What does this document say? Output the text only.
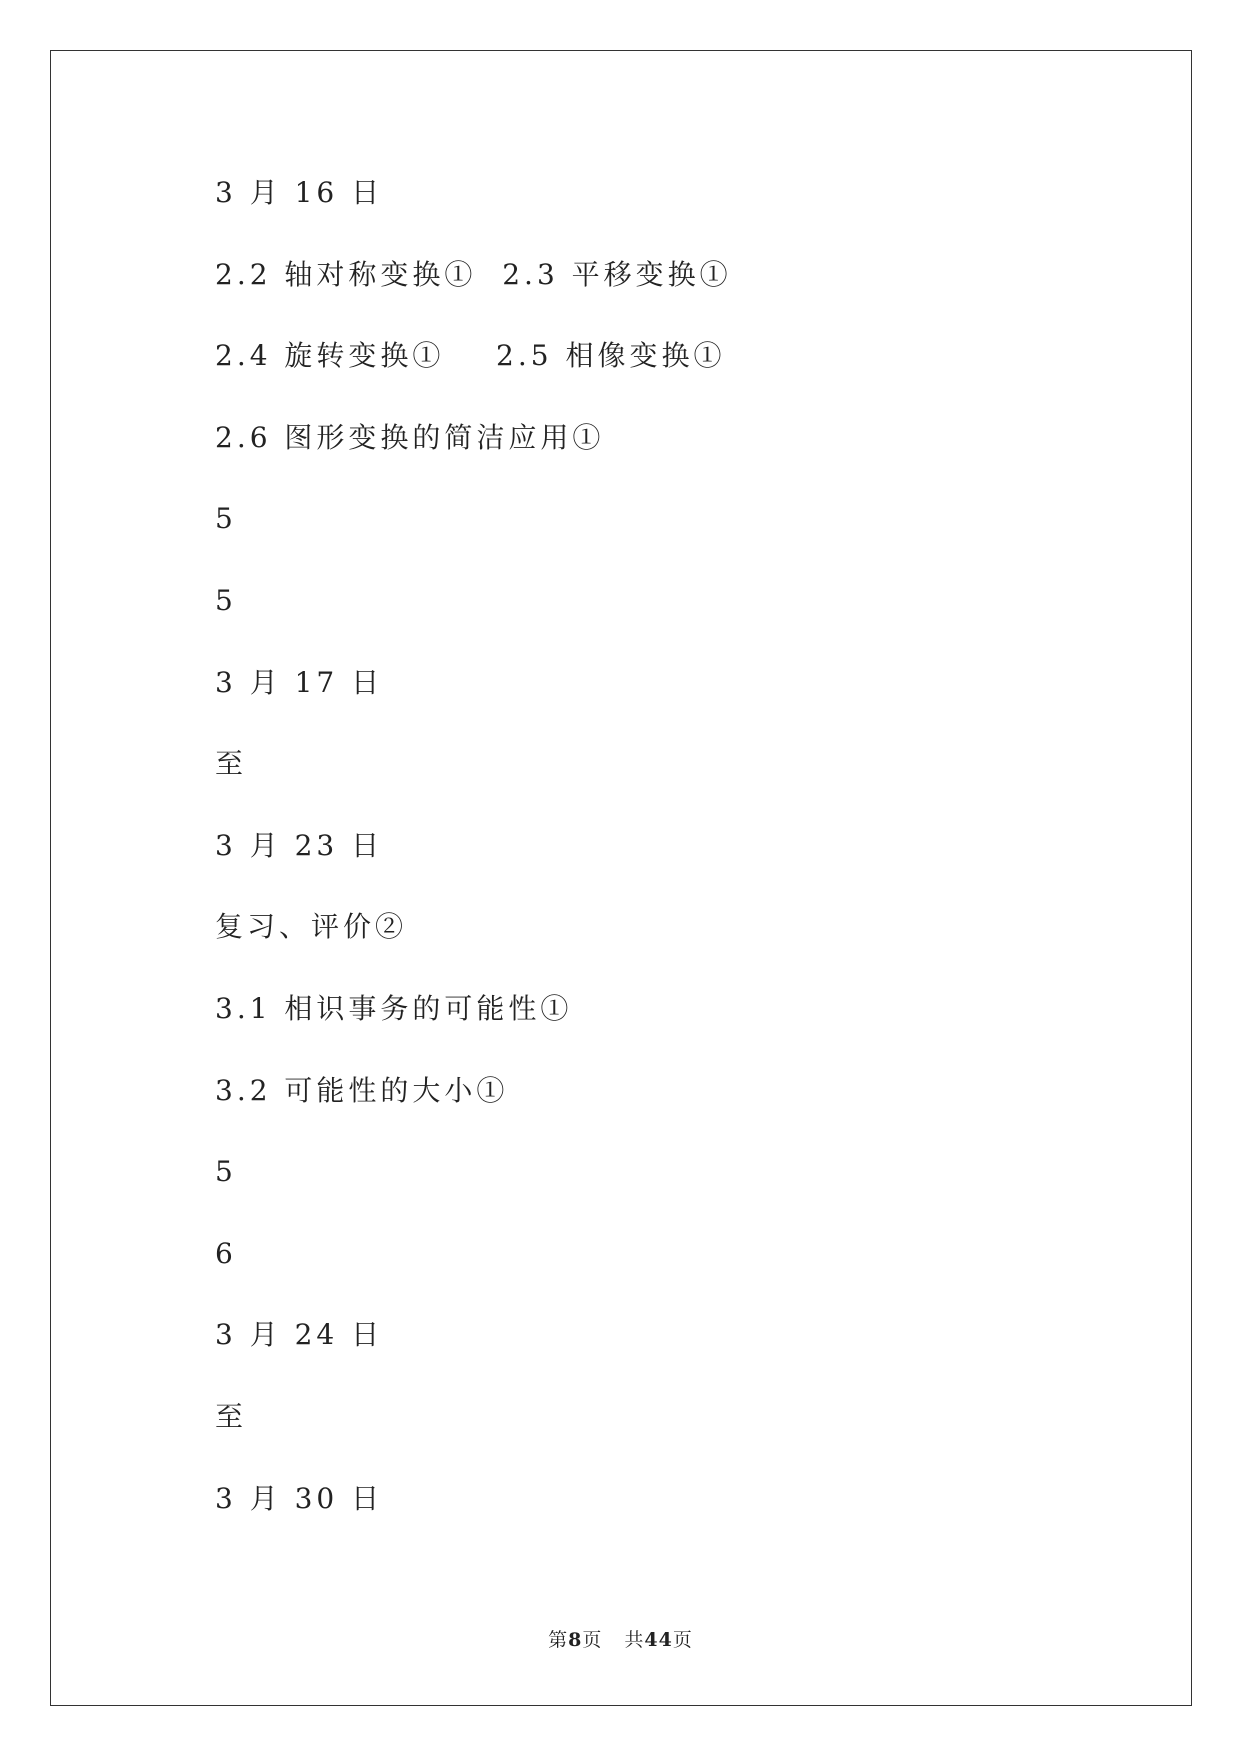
3 月 16 日
2.2 轴对称变换①  2.3 平移变换①
2.4 旋转变换①    2.5 相像变换①
2.6 图形变换的简洁应用①
5
5
3 月 17 日
至
3 月 23 日
复习、评价②
3.1 相识事务的可能性①
3.2 可能性的大小①
5
6
3 月 24 日
至
3 月 30 日
第8页 共44页
